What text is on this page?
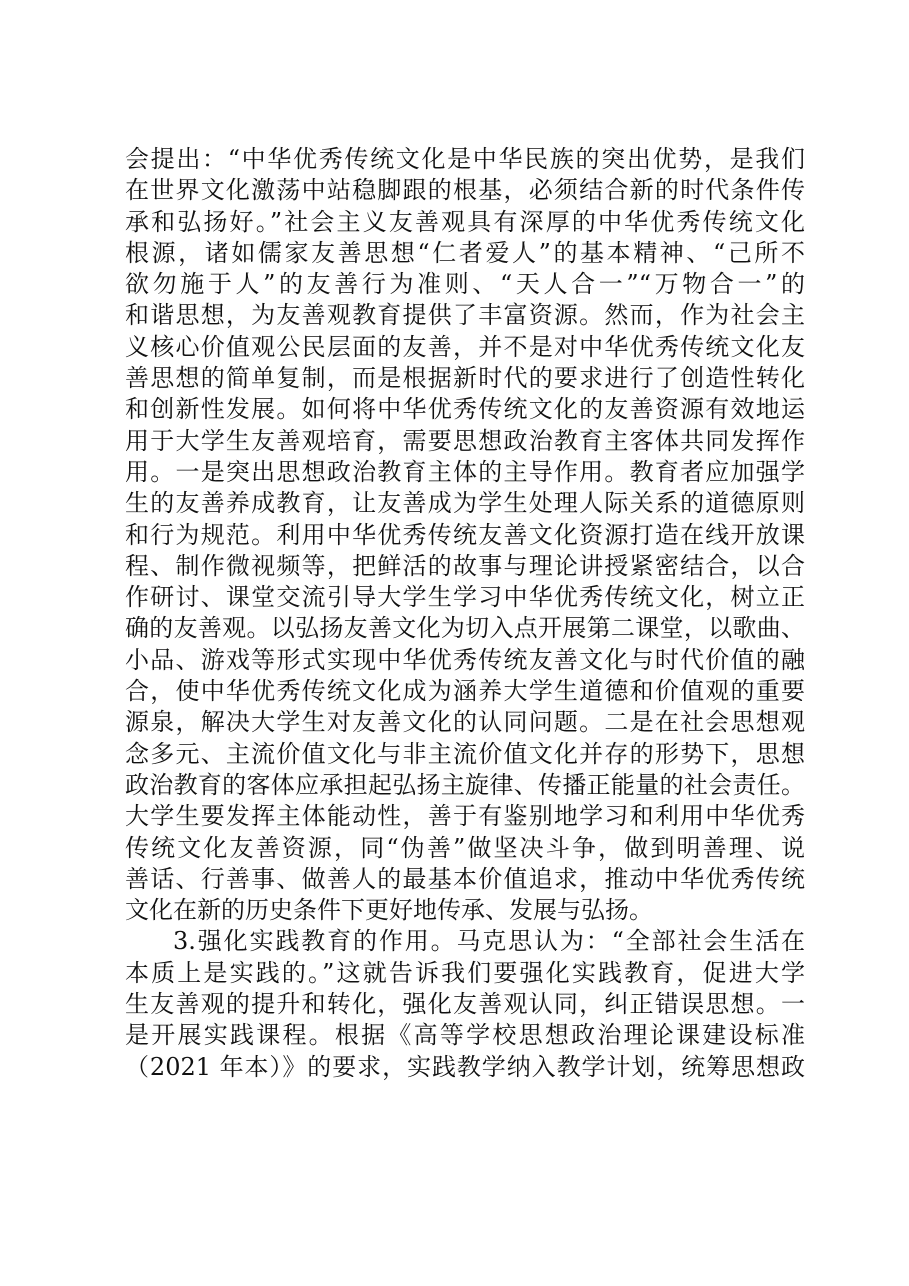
会提出：“中华优秀传统文化是中华民族的突出优势，是我们
在世界文化激荡中站稳脚跟的根基，必须结合新的时代条件传
承和弘扬好。”社会主义友善观具有深厚的中华优秀传统文化
根源，诸如儒家友善思想“仁者爱人”的基本精神、“己所不
欲勿施于人”的友善行为准则、“天人合一”“万物合一”的
和谐思想，为友善观教育提供了丰富资源。然而，作为社会主
义核心价值观公民层面的友善，并不是对中华优秀传统文化友
善思想的简单复制，而是根据新时代的要求进行了创造性转化
和创新性发展。如何将中华优秀传统文化的友善资源有效地运
用于大学生友善观培育，需要思想政治教育主客体共同发挥作
用。一是突出思想政治教育主体的主导作用。教育者应加强学
生的友善养成教育，让友善成为学生处理人际关系的道德原则
和行为规范。利用中华优秀传统友善文化资源打造在线开放课
程、制作微视频等，把鲜活的故事与理论讲授紧密结合，以合
作研讨、课堂交流引导大学生学习中华优秀传统文化，树立正
确的友善观。以弘扬友善文化为切入点开展第二课堂，以歌曲、
小品、游戏等形式实现中华优秀传统友善文化与时代价值的融
合，使中华优秀传统文化成为涵养大学生道德和价值观的重要
源泉，解决大学生对友善文化的认同问题。二是在社会思想观
念多元、主流价值文化与非主流价值文化并存的形势下，思想
政治教育的客体应承担起弘扬主旋律、传播正能量的社会责任。
大学生要发挥主体能动性，善于有鉴别地学习和利用中华优秀
传统文化友善资源，同“伪善”做坚决斗争，做到明善理、说
善话、行善事、做善人的最基本价值追求，推动中华优秀传统
文化在新的历史条件下更好地传承、发展与弘扬。
3.强化实践教育的作用。马克思认为：“全部社会生活在
本质上是实践的。”这就告诉我们要强化实践教育，促进大学
生友善观的提升和转化，强化友善观认同，纠正错误思想。一
是开展实践课程。根据《高等学校思想政治理论课建设标准
（2021 年本）》的要求，实践教学纳入教学计划，统筹思想政
